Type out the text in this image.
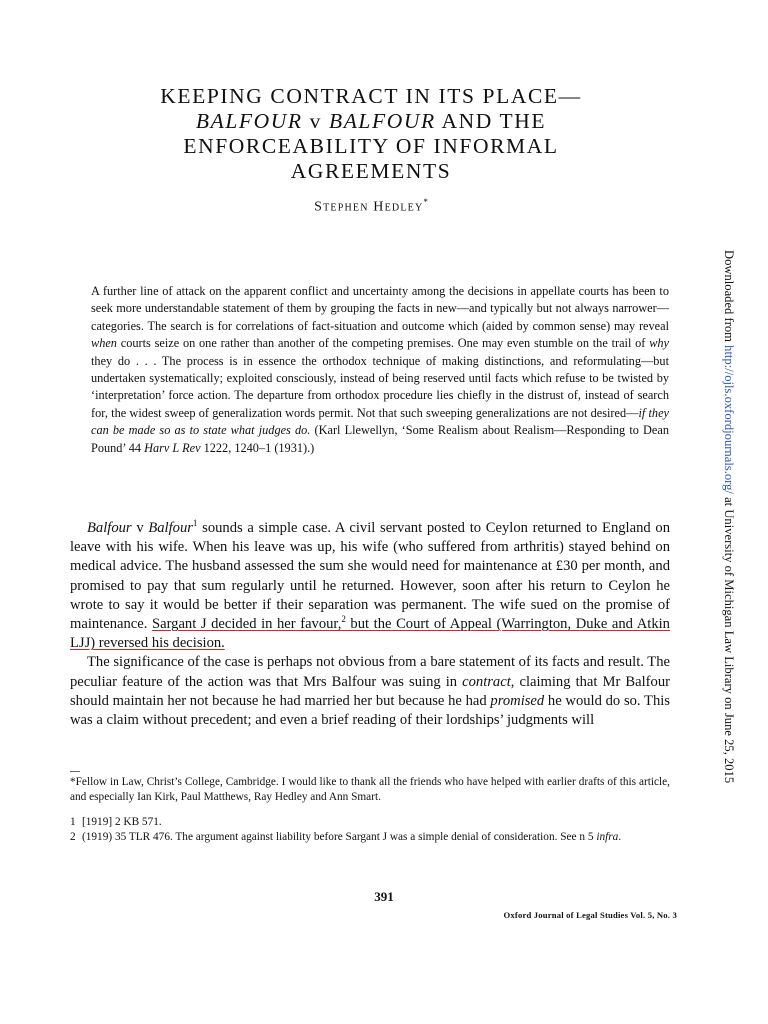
KEEPING CONTRACT IN ITS PLACE—
BALFOUR v BALFOUR AND THE
ENFORCEABILITY OF INFORMAL
AGREEMENTS
Stephen Hedley*

A further line of attack on the apparent conflict and uncertainty among the decisions in appellate courts has been to seek more understandable statement of them by grouping the facts in new—and typically but not always narrower—categories. The search is for correlations of fact-situation and outcome which (aided by common sense) may reveal when courts seize on one rather than another of the competing premises. One may even stumble on the trail of why they do . . . The process is in essence the orthodox technique of making distinctions, and reformulating—but undertaken systematically; exploited consciously, instead of being reserved until facts which refuse to be twisted by ‘interpretation’ force action. The departure from orthodox procedure lies chiefly in the distrust of, instead of search for, the widest sweep of generalization words permit. Not that such sweeping generalizations are not desired—if they can be made so as to state what judges do. (Karl Llewellyn, ‘Some Realism about Realism—Responding to Dean Pound’ 44 Harv L Rev 1222, 1240–1 (1931).)

Balfour v Balfour$^1$ sounds a simple case. A civil servant posted to Ceylon returned to England on leave with his wife. When his leave was up, his wife (who suffered from arthritis) stayed behind on medical advice. The husband assessed the sum she would need for maintenance at £30 per month, and promised to pay that sum regularly until he returned. However, soon after his return to Ceylon he wrote to say it would be better if their separation was permanent. The wife sued on the promise of maintenance. Sargant J decided in her favour,$^2$ but the Court of Appeal (Warrington, Duke and Atkin LJJ) reversed his decision.

The significance of the case is perhaps not obvious from a bare statement of its facts and result. The peculiar feature of the action was that Mrs Balfour was suing in contract, claiming that Mr Balfour should maintain her not because he had married her but because he had promised he would do so. This was a claim without precedent; and even a brief reading of their lordships’ judgments will

*Fellow in Law, Christ’s College, Cambridge. I would like to thank all the friends who have helped with earlier drafts of this article, and especially Ian Kirk, Paul Matthews, Ray Hedley and Ann Smart.
1 [1919] 2 KB 571.
2 (1919) 35 TLR 476. The argument against liability before Sargant J was a simple denial of consideration. See n 5 infra.
391
Oxford Journal of Legal Studies Vol. 5, No. 3
Downloaded from http://ojls.oxfordjournals.org/ at University of Michigan Law Library on June 25, 2015
